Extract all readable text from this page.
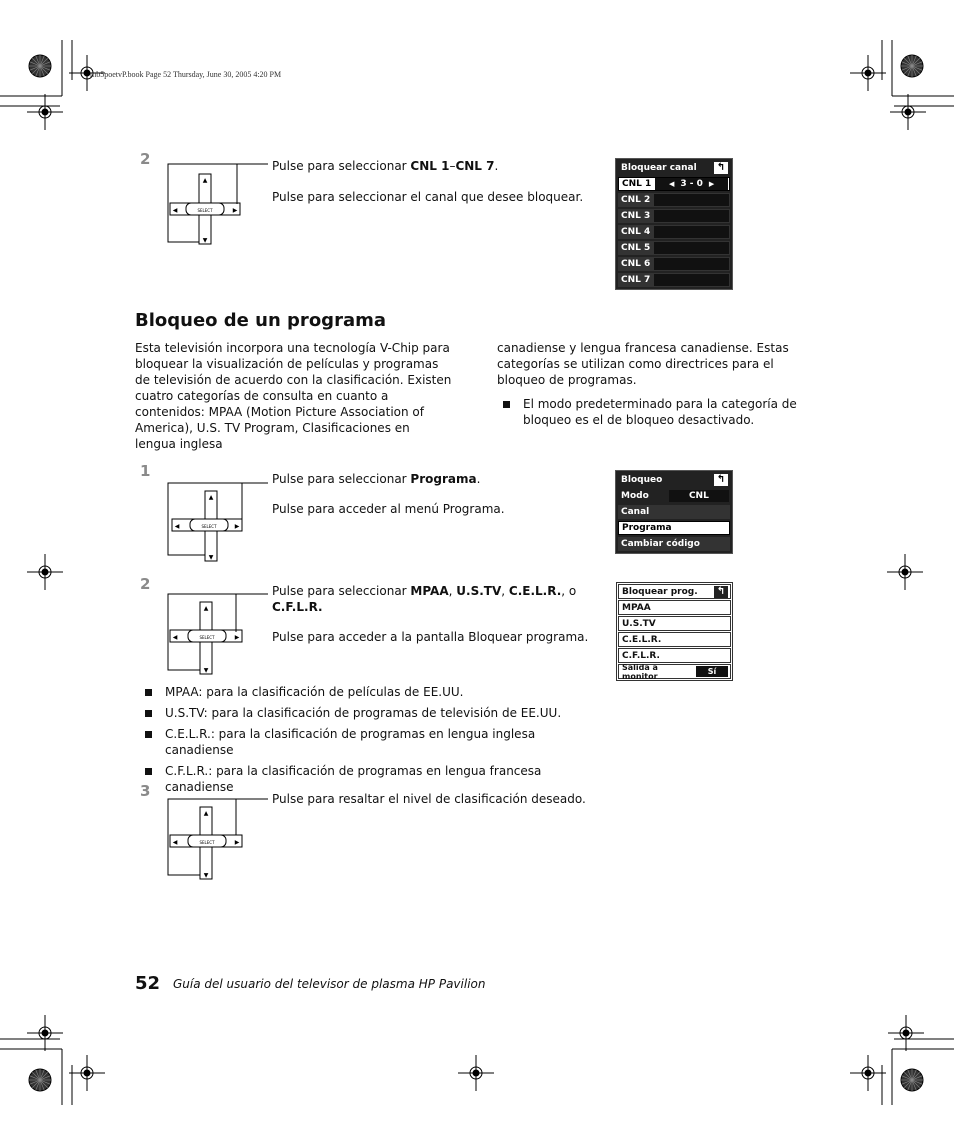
mb5poetvP.book Page 52 Thursday, June 30, 2005 4:20 PM
2
▲
▼
◀	▶
SELECT
Pulse para seleccionar CNL 1–CNL 7.
Pulse para seleccionar el canal que desee bloquear.
Bloquear canal ↰
CNL 1	◀ 3 - 0 ▶
CNL 2
CNL 3
CNL 4
CNL 5
CNL 6
CNL 7
Bloqueo de un programa
Esta televisión incorpora una tecnología V-Chip para bloquear la visualización de películas y programas de televisión de acuerdo con la clasificación. Existen cuatro categorías de consulta en cuanto a contenidos: MPAA (Motion Picture Association of America), U.S. TV Program, Clasificaciones en lengua inglesa
canadiense y lengua francesa canadiense. Estas categorías se utilizan como directrices para el bloqueo de programas.
El modo predeterminado para la categoría de bloqueo es el de bloqueo desactivado.
1
▲
▼
◀	▶
SELECT
Pulse para seleccionar Programa.
Pulse para acceder al menú Programa.
Bloqueo	↰
Modo	CNL
Canal
Programa
Cambiar código
2
▲
▼
◀	▶
SELECT
Pulse para seleccionar MPAA, U.S.TV, C.E.L.R., o
C.F.L.R.
Pulse para acceder a la pantalla Bloquear programa.
Bloquear prog. ↰
MPAA
U.S.TV
C.E.L.R.
C.F.L.R.
Salida a monitor	Sí
MPAA: para la clasificación de películas de EE.UU.
U.S.TV: para la clasificación de programas de televisión de EE.UU.
C.E.L.R.: para la clasificación de programas en lengua inglesa canadiense
C.F.L.R.: para la clasificación de programas en lengua francesa canadiense
3
▲
▼
◀	▶
SELECT
Pulse para resaltar el nivel de clasificación deseado.
52 Guía del usuario del televisor de plasma HP Pavilion
